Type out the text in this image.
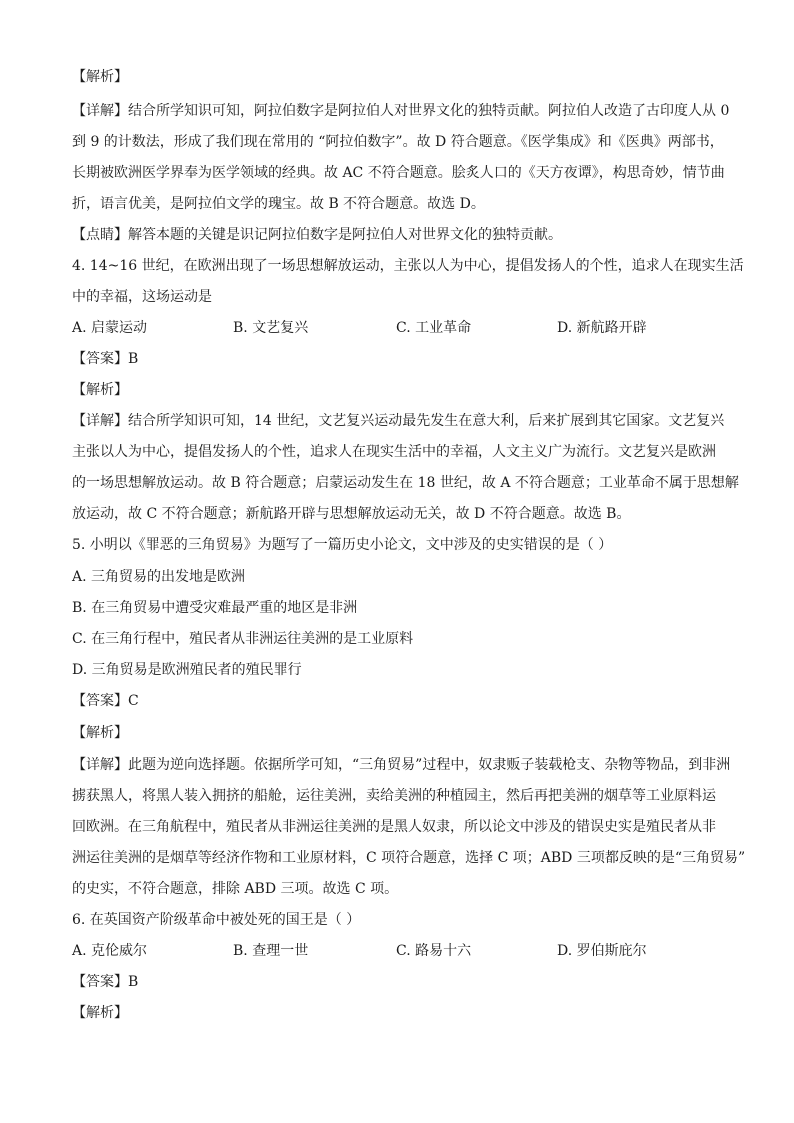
【解析】
【详解】结合所学知识可知，阿拉伯数字是阿拉伯人对世界文化的独特贡献。阿拉伯人改造了古印度人从 0
到 9 的计数法，形成了我们现在常用的 “阿拉伯数字”。故 D 符合题意。《医学集成》和《医典》两部书，
长期被欧洲医学界奉为医学领域的经典。故 AC 不符合题意。脍炙人口的《天方夜谭》，构思奇妙，情节曲
折，语言优美，是阿拉伯文学的瑰宝。故 B 不符合题意。故选 D。
【点睛】解答本题的关键是识记阿拉伯数字是阿拉伯人对世界文化的独特贡献。
4. 14~16 世纪，在欧洲出现了一场思想解放运动，主张以人为中心，提倡发扬人的个性，追求人在现实生活
中的幸福，这场运动是
A. 启蒙运动	B. 文艺复兴	C. 工业革命	D. 新航路开辟
【答案】B
【解析】
【详解】结合所学知识可知，14 世纪，文艺复兴运动最先发生在意大利，后来扩展到其它国家。文艺复兴
主张以人为中心，提倡发扬人的个性，追求人在现实生活中的幸福，人文主义广为流行。文艺复兴是欧洲
的一场思想解放运动。故 B 符合题意；启蒙运动发生在 18 世纪，故 A 不符合题意；工业革命不属于思想解
放运动，故 C 不符合题意；新航路开辟与思想解放运动无关，故 D 不符合题意。故选 B。
5. 小明以《罪恶的三角贸易》为题写了一篇历史小论文，文中涉及的史实错误的是（ ）
A. 三角贸易的出发地是欧洲
B. 在三角贸易中遭受灾难最严重的地区是非洲
C. 在三角行程中，殖民者从非洲运往美洲的是工业原料
D. 三角贸易是欧洲殖民者的殖民罪行
【答案】C
【解析】
【详解】此题为逆向选择题。依据所学可知，“三角贸易”过程中，奴隶贩子装载枪支、杂物等物品，到非洲
掳获黑人，将黑人装入拥挤的船舱，运往美洲，卖给美洲的种植园主，然后再把美洲的烟草等工业原料运
回欧洲。在三角航程中，殖民者从非洲运往美洲的是黑人奴隶，所以论文中涉及的错误史实是殖民者从非
洲运往美洲的是烟草等经济作物和工业原材料，C 项符合题意，选择 C 项；ABD 三项都反映的是“三角贸易”
的史实，不符合题意，排除 ABD 三项。故选 C 项。
6. 在英国资产阶级革命中被处死的国王是（ ）
A. 克伦威尔	B. 查理一世	C. 路易十六	D. 罗伯斯庇尔
【答案】B
【解析】
